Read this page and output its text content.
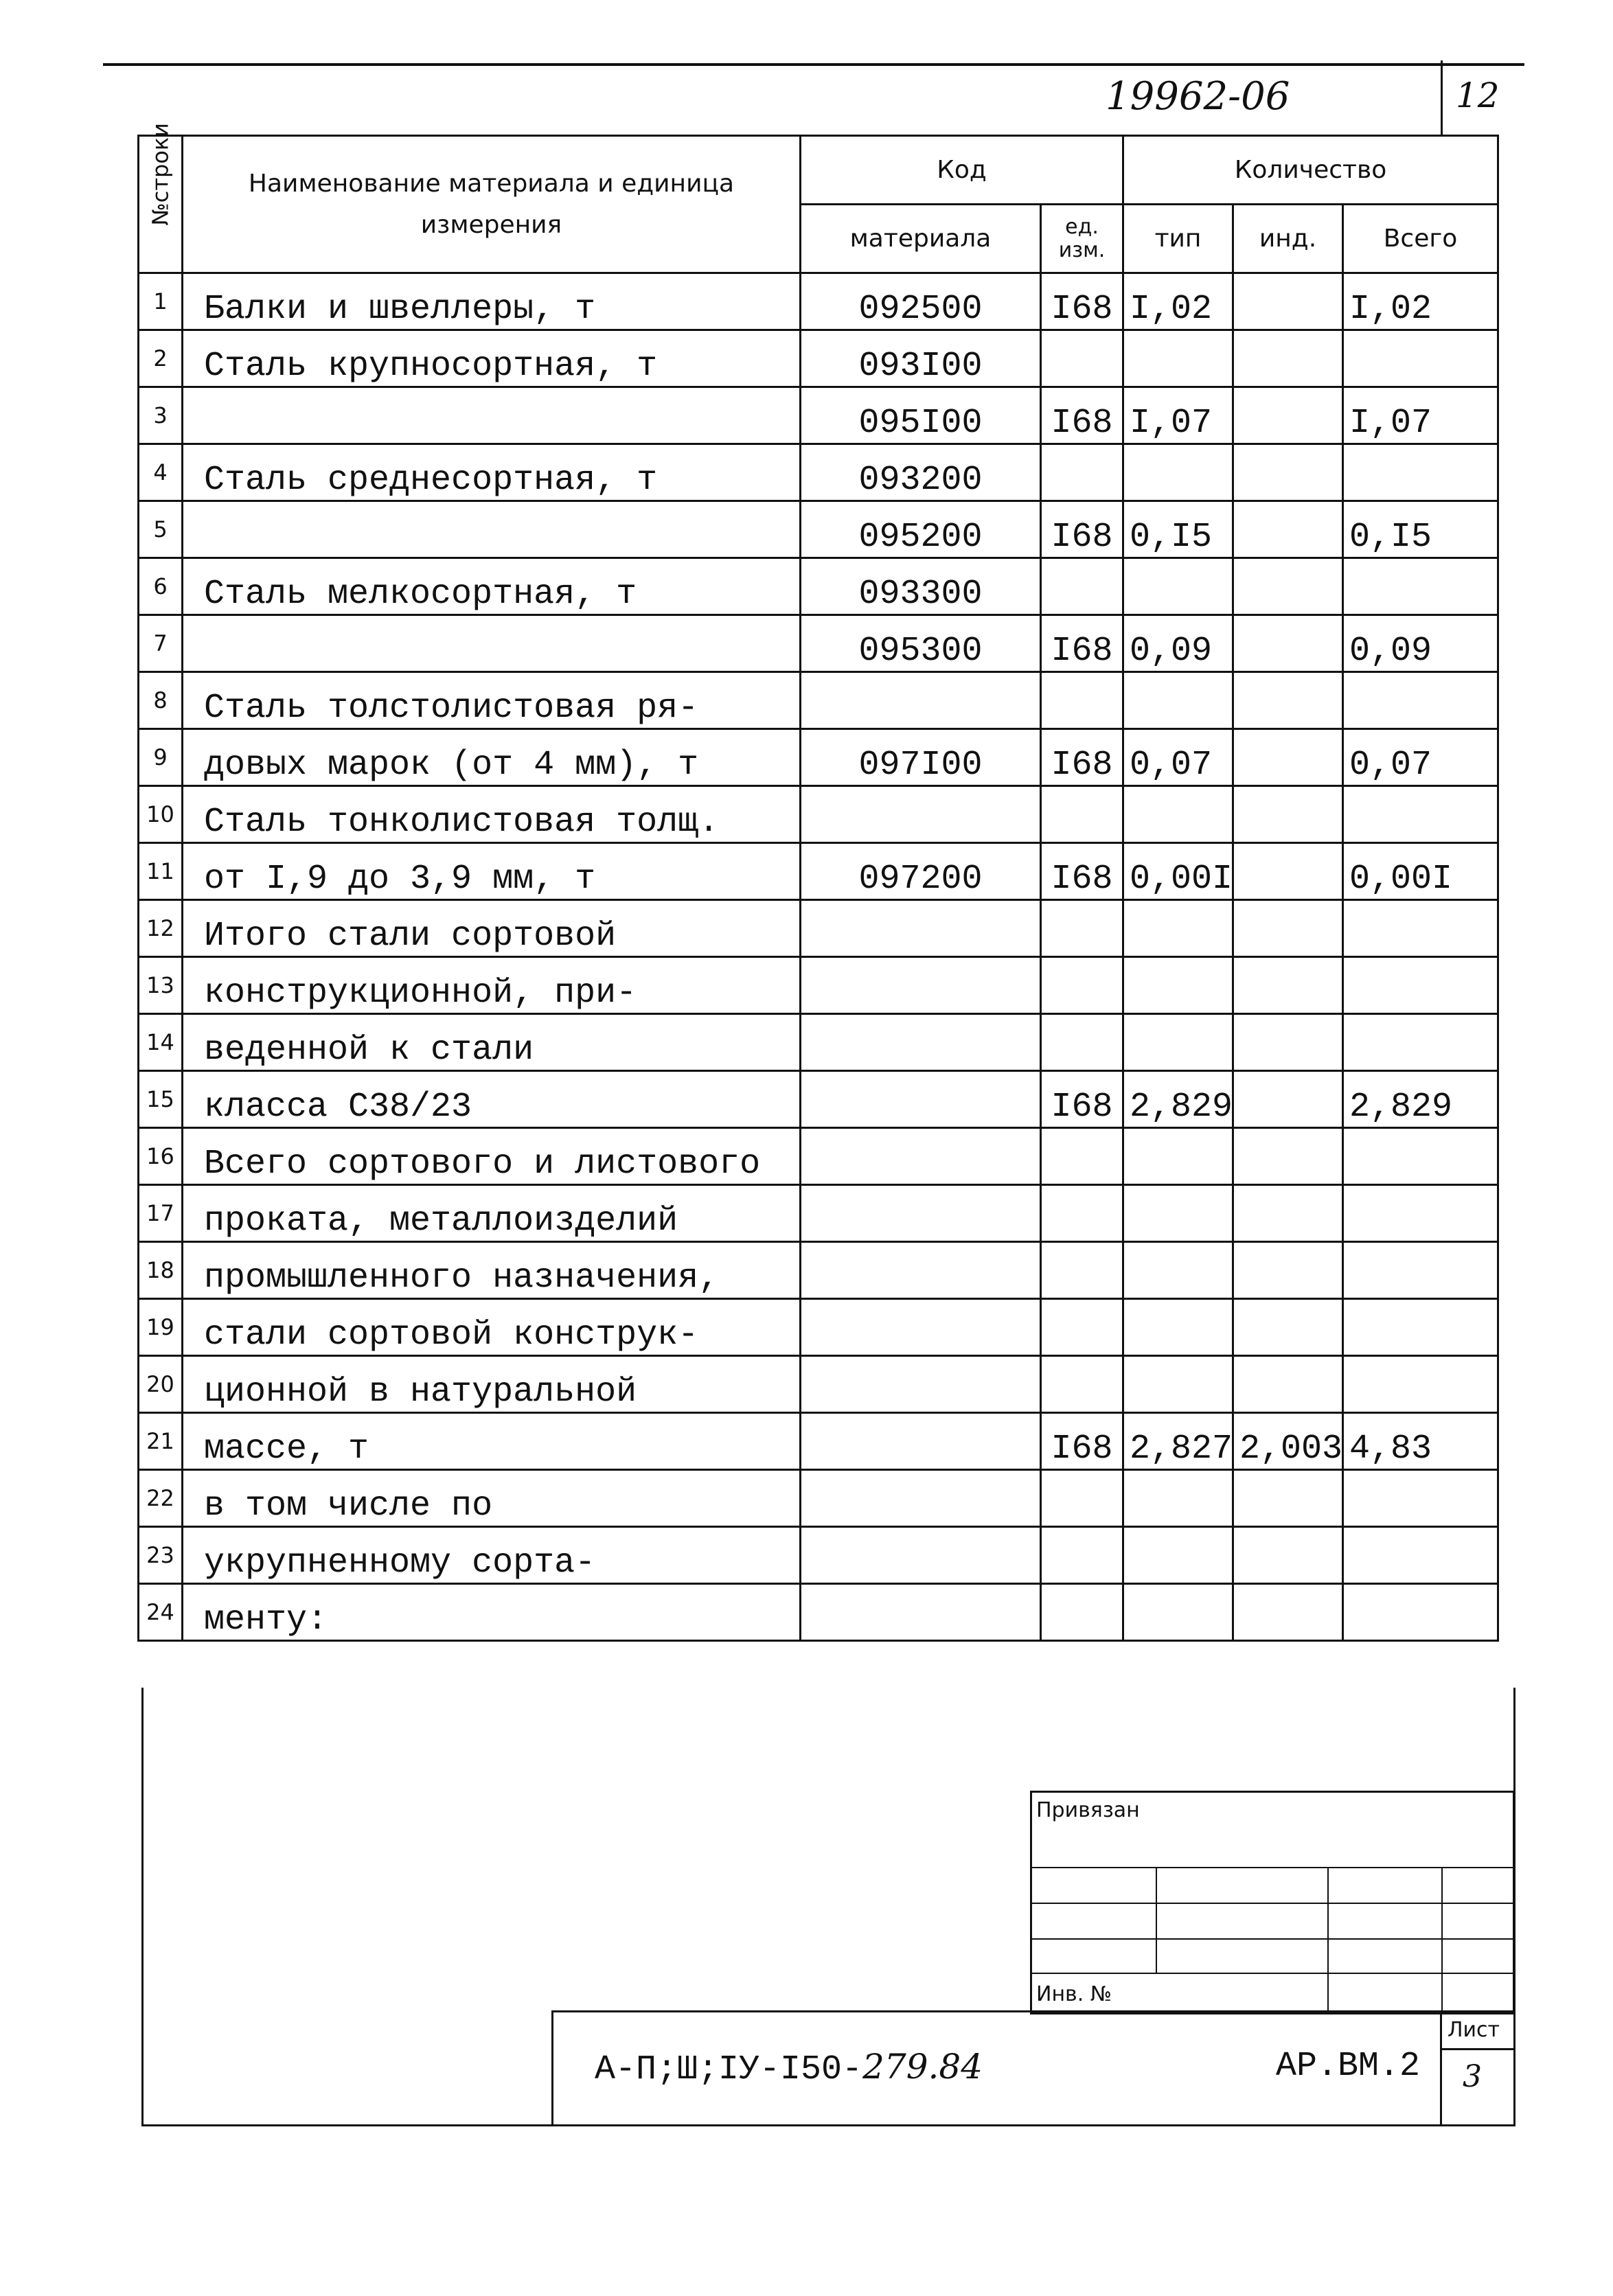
19962-06	12
№строки	Наименование материала и единица измерения	Код		Количество		
		материала	ед. изм.	тип	инд.	Всего
1	Балки и швеллеры, т	092500	I68	I,02		I,02
2	Сталь крупносортная, т	093I00				
3		095I00	I68	I,07		I,07
4	Сталь среднесортная, т	093200				
5		095200	I68	0,I5		0,I5
6	Сталь мелкосортная, т	093300				
7		095300	I68	0,09		0,09
8	Сталь толстолистовая ря-					
9	довых марок (от 4 мм), т	097I00	I68	0,07		0,07
10	Сталь тонколистовая толщ.					
11	от I,9 до 3,9 мм, т	097200	I68	0,00I		0,00I
12	Итого стали сортовой					
13	конструкционной, при-					
14	веденной к стали					
15	класса С38/23		I68	2,829		2,829
16	Всего сортового и листового					
17	проката, металлоизделий					
18	промышленного назначения,					
19	стали сортовой конструк-					
20	ционной в натуральной					
21	массе, т		I68	2,827	2,003	4,83
22	в том числе по					
23	укрупненному сорта-					
24	менту:					
Привязан
Инв. №
А-П;Ш;IУ-I50-279.84	АР.ВМ.2
Лист
3
